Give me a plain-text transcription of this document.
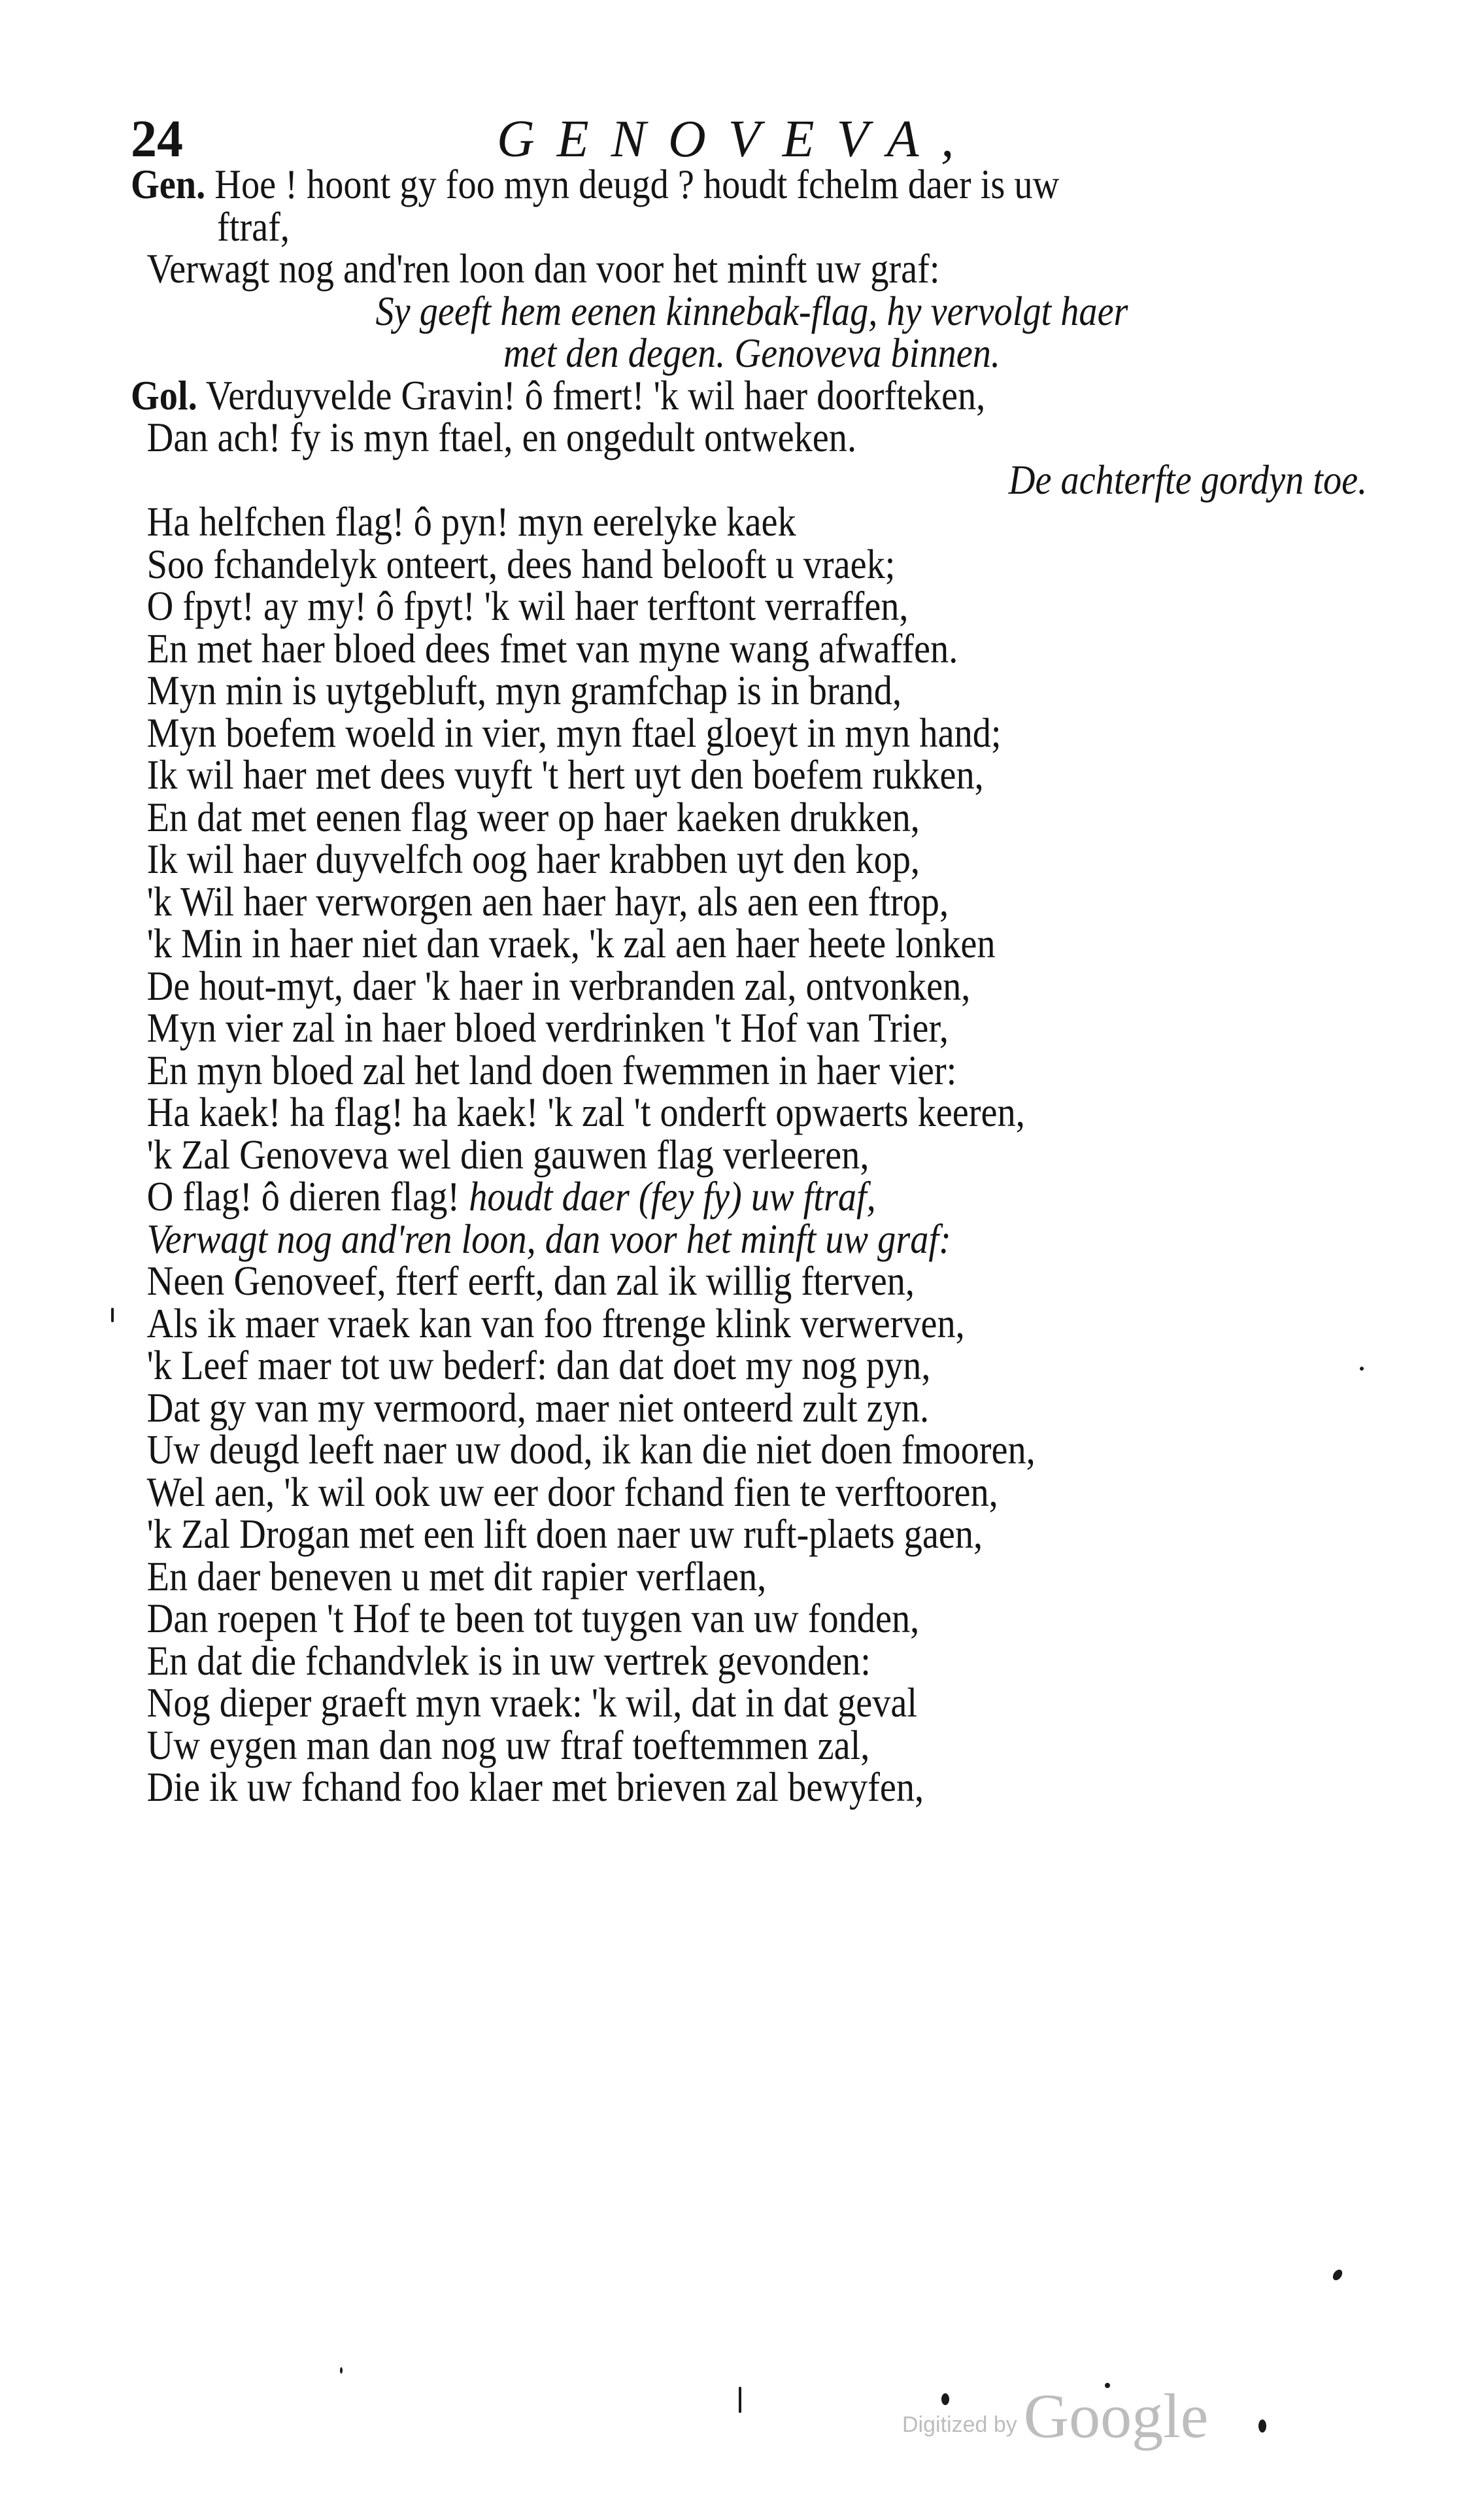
24	GENOVEVA,
Gen. Hoe ! hoont gy foo myn deugd ? houdt fchelm daer is uw
ftraf,
Verwagt nog and'ren loon dan voor het minft uw graf:
Sy geeft hem eenen kinnebak-flag, hy vervolgt haer
met den degen. Genoveva binnen.
Gol. Verduyvelde Gravin! ô fmert! 'k wil haer doorfteken,
Dan ach! fy is myn ftael, en ongedult ontweken.
De achterfte gordyn toe.
Ha helfchen flag! ô pyn! myn eerelyke kaek
Soo fchandelyk onteert, dees hand belooft u vraek;
O fpyt! ay my! ô fpyt! 'k wil haer terftont verraffen,
En met haer bloed dees fmet van myne wang afwaffen.
Myn min is uytgebluft, myn gramfchap is in brand,
Myn boefem woeld in vier, myn ftael gloeyt in myn hand;
Ik wil haer met dees vuyft 't hert uyt den boefem rukken,
En dat met eenen flag weer op haer kaeken drukken,
Ik wil haer duyvelfch oog haer krabben uyt den kop,
'k Wil haer verworgen aen haer hayr, als aen een ftrop,
'k Min in haer niet dan vraek, 'k zal aen haer heete lonken
De hout-myt, daer 'k haer in verbranden zal, ontvonken,
Myn vier zal in haer bloed verdrinken 't Hof van Trier,
En myn bloed zal het land doen fwemmen in haer vier:
Ha kaek! ha flag! ha kaek! 'k zal 't onderft opwaerts keeren,
'k Zal Genoveva wel dien gauwen flag verleeren,
O flag! ô dieren flag! houdt daer (fey fy) uw ftraf,
Verwagt nog and'ren loon, dan voor het minft uw graf:
Neen Genoveef, fterf eerft, dan zal ik willig fterven,
Als ik maer vraek kan van foo ftrenge klink verwerven,
'k Leef maer tot uw bederf: dan dat doet my nog pyn,
Dat gy van my vermoord, maer niet onteerd zult zyn.
Uw deugd leeft naer uw dood, ik kan die niet doen fmooren,
Wel aen, 'k wil ook uw eer door fchand fien te verftooren,
'k Zal Drogan met een lift doen naer uw ruft-plaets gaen,
En daer beneven u met dit rapier verflaen,
Dan roepen 't Hof te been tot tuygen van uw fonden,
En dat die fchandvlek is in uw vertrek gevonden:
Nog dieper graeft myn vraek: 'k wil, dat in dat geval
Uw eygen man dan nog uw ftraf toeftemmen zal,
Die ik uw fchand foo klaer met brieven zal bewyfen,
Digitized by Google
